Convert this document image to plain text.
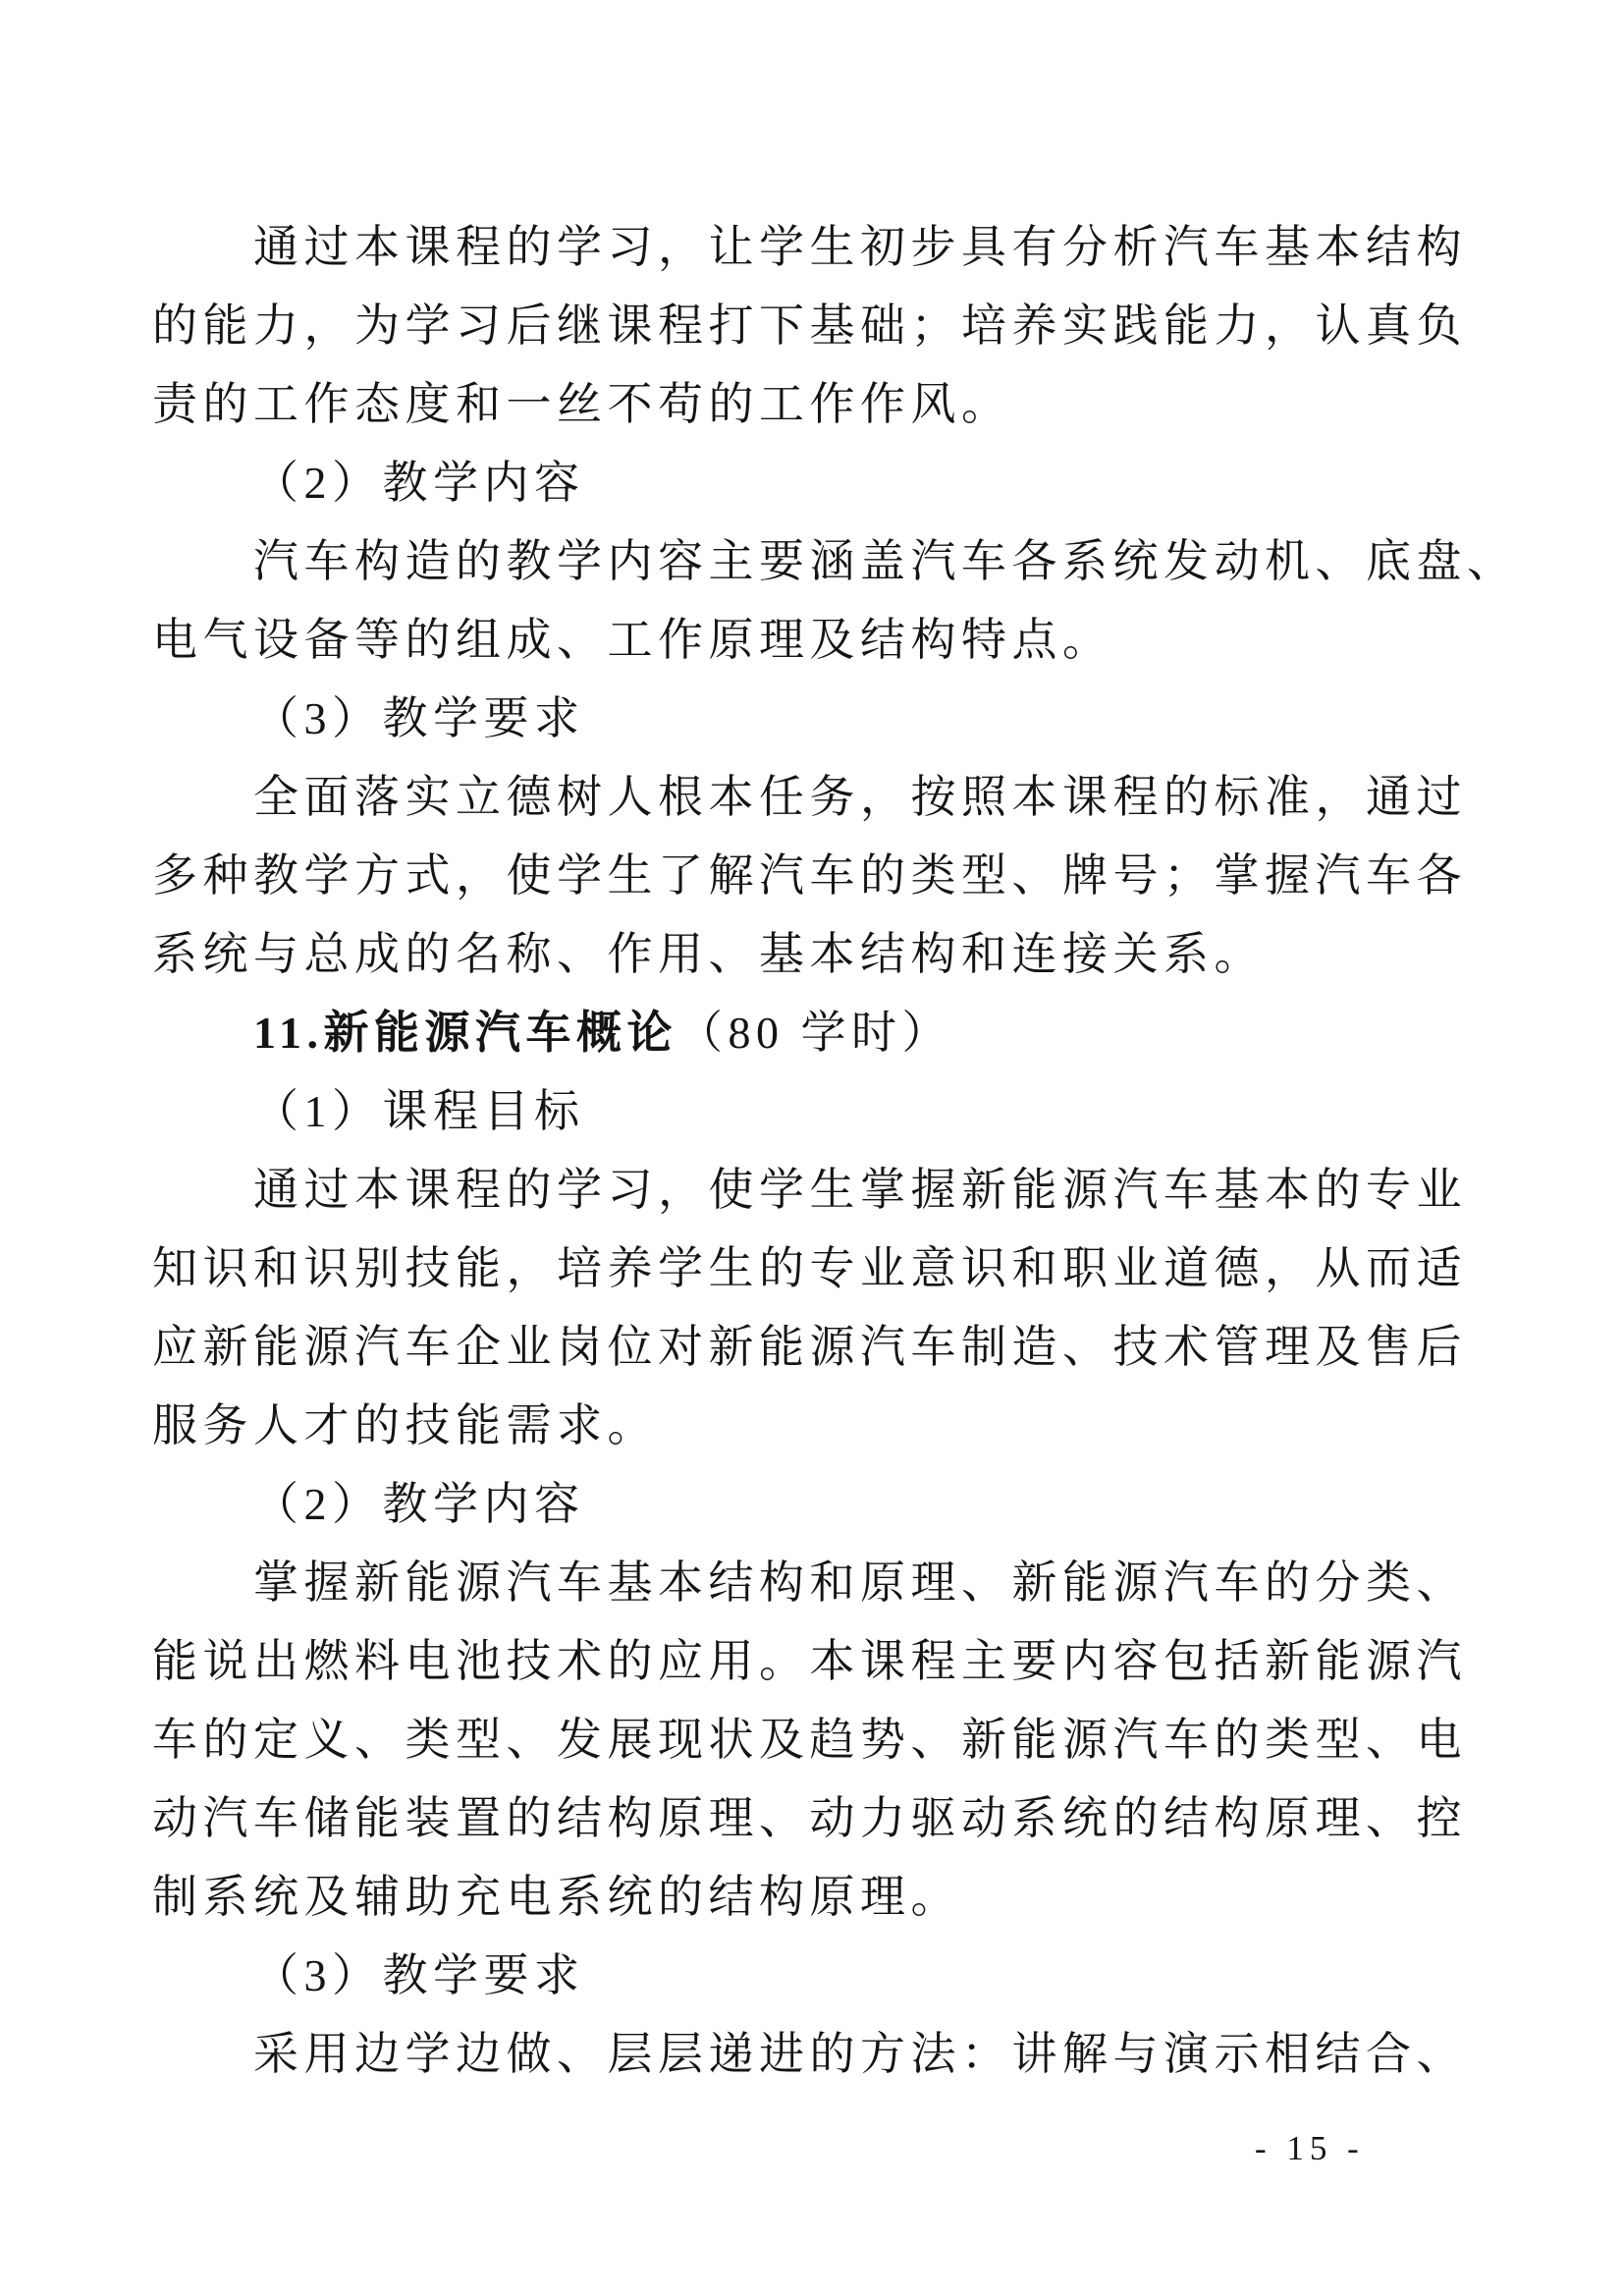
通过本课程的学习，让学生初步具有分析汽车基本结构
的能力，为学习后继课程打下基础；培养实践能力，认真负
责的工作态度和一丝不苟的工作作风。
（2）教学内容
汽车构造的教学内容主要涵盖汽车各系统发动机、底盘、
电气设备等的组成、工作原理及结构特点。
（3）教学要求
全面落实立德树人根本任务，按照本课程的标准，通过
多种教学方式，使学生了解汽车的类型、牌号；掌握汽车各
系统与总成的名称、作用、基本结构和连接关系。
11.新能源汽车概论（80 学时）
（1）课程目标
通过本课程的学习，使学生掌握新能源汽车基本的专业
知识和识别技能，培养学生的专业意识和职业道德，从而适
应新能源汽车企业岗位对新能源汽车制造、技术管理及售后
服务人才的技能需求。
（2）教学内容
掌握新能源汽车基本结构和原理、新能源汽车的分类、
能说出燃料电池技术的应用。本课程主要内容包括新能源汽
车的定义、类型、发展现状及趋势、新能源汽车的类型、电
动汽车储能装置的结构原理、动力驱动系统的结构原理、控
制系统及辅助充电系统的结构原理。
（3）教学要求
采用边学边做、层层递进的方法：讲解与演示相结合、
- 15 -
